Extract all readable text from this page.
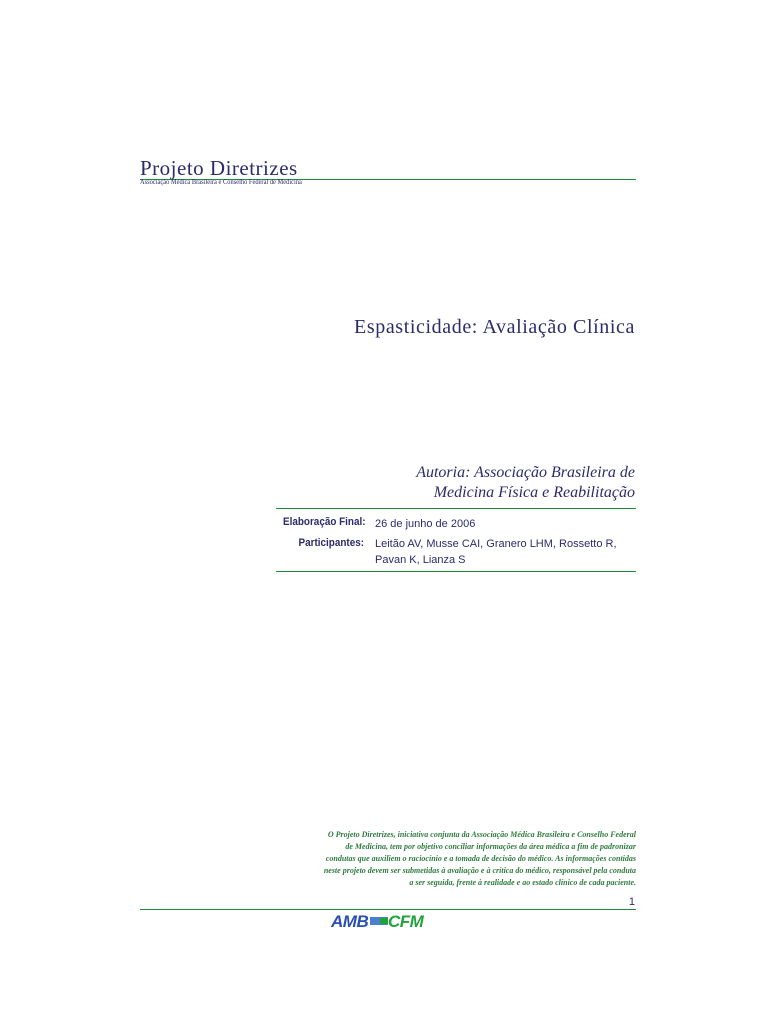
Projeto Diretrizes
Associação Médica Brasileira e Conselho Federal de Medicina
Espasticidade: Avaliação Clínica
Autoria: Associação Brasileira de
Medicina Física e Reabilitação
Elaboração Final: 26 de junho de 2006
Participantes: Leitão AV, Musse CAI, Granero LHM, Rossetto R,
Pavan K, Lianza S
O Projeto Diretrizes, iniciativa conjunta da Associação Médica Brasileira e Conselho Federal
de Medicina, tem por objetivo conciliar informações da área médica a fim de padronizar
condutas que auxiliem o raciocínio e a tomada de decisão do médico. As informações contidas
neste projeto devem ser submetidas à avaliação e à crítica do médico, responsável pela conduta
a ser seguida, frente à realidade e ao estado clínico de cada paciente.
1
AMB CFM
